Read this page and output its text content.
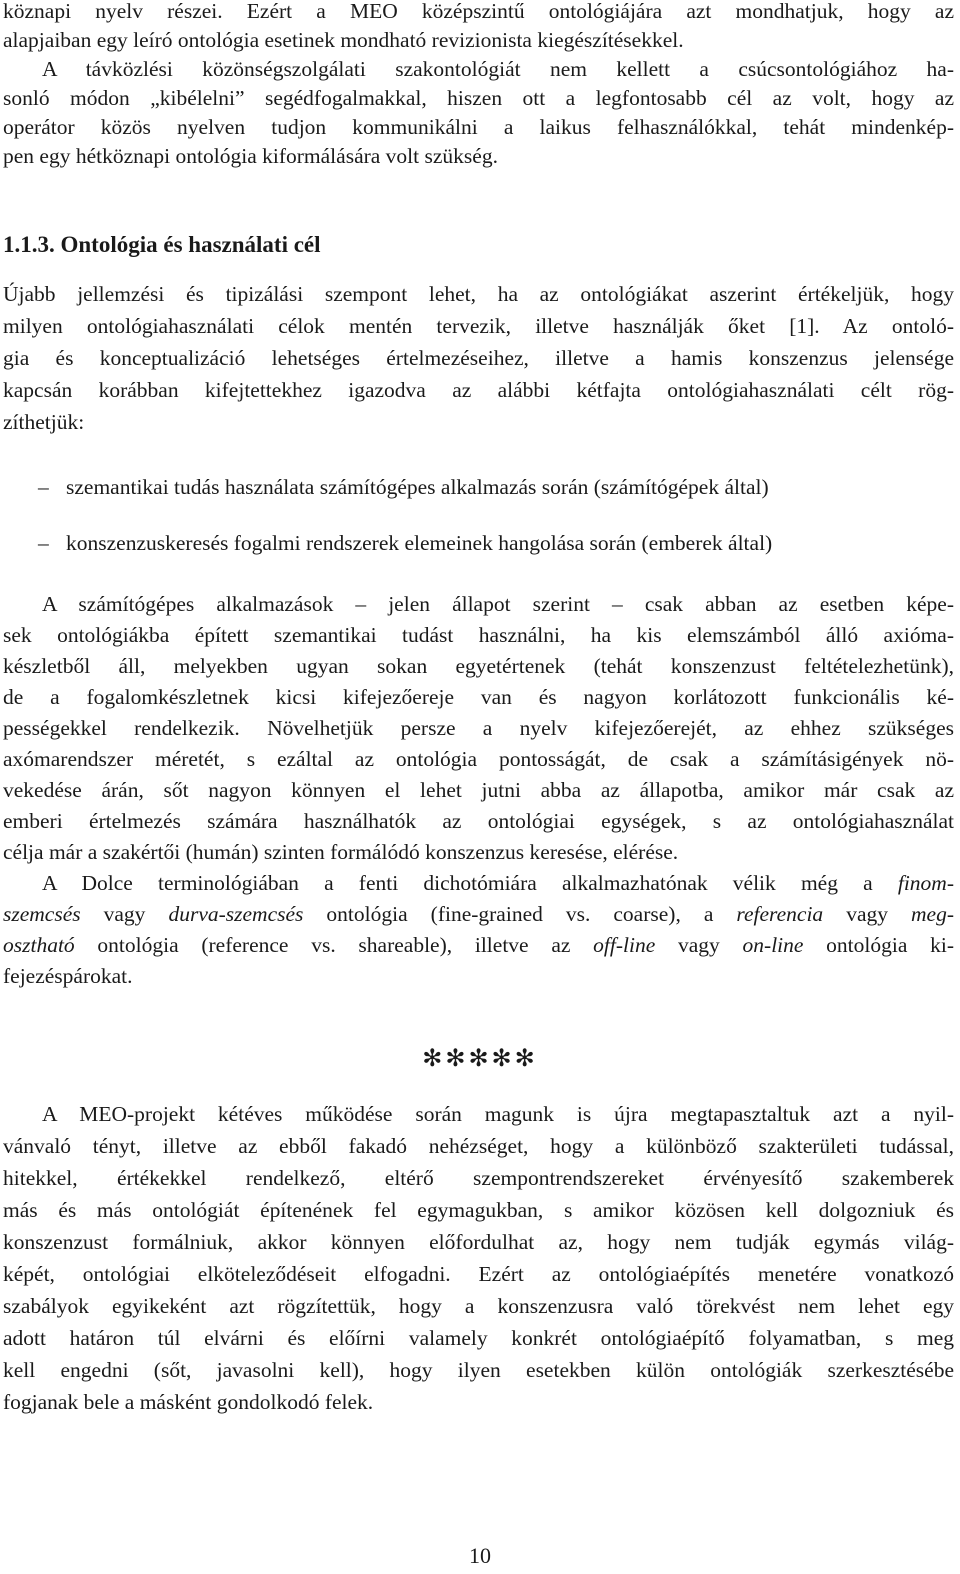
köznapi nyelv részei. Ezért a MEO középszintű ontológiájára azt mondhatjuk, hogy az
alapjaiban egy leíró ontológia esetinek mondható revizionista kiegészítésekkel.
A távközlési közönségszolgálati szakontológiát nem kellett a csúcsontológiához ha-
sonló módon „kibélelni” segédfogalmakkal, hiszen ott a legfontosabb cél az volt, hogy az
operátor közös nyelven tudjon kommunikálni a laikus felhasználókkal, tehát mindenkép-
pen egy hétköznapi ontológia kiformálására volt szükség.
1.1.3. Ontológia és használati cél
Újabb jellemzési és tipizálási szempont lehet, ha az ontológiákat aszerint értékeljük, hogy
milyen ontológiahasználati célok mentén tervezik, illetve használják őket [1]. Az ontoló-
gia és konceptualizáció lehetséges értelmezéseihez, illetve a hamis konszenzus jelensége
kapcsán korábban kifejtettekhez igazodva az alábbi kétfajta ontológiahasználati célt rög-
zíthetjük:
– szemantikai tudás használata számítógépes alkalmazás során (számítógépek által)
– konszenzuskeresés fogalmi rendszerek elemeinek hangolása során (emberek által)
A számítógépes alkalmazások – jelen állapot szerint – csak abban az esetben képe-
sek ontológiákba épített szemantikai tudást használni, ha kis elemszámból álló axióma-
készletből áll, melyekben ugyan sokan egyetértenek (tehát konszenzust feltételezhetünk),
de a fogalomkészletnek kicsi kifejezőereje van és nagyon korlátozott funkcionális ké-
pességekkel rendelkezik. Növelhetjük persze a nyelv kifejezőerejét, az ehhez szükséges
axómarendszer méretét, s ezáltal az ontológia pontosságát, de csak a számításigények nö-
vekedése árán, sőt nagyon könnyen el lehet jutni abba az állapotba, amikor már csak az
emberi értelmezés számára használhatók az ontológiai egységek, s az ontológiahasználat
célja már a szakértői (humán) szinten formálódó konszenzus keresése, elérése.
A Dolce terminológiában a fenti dichotómiára alkalmazhatónak vélik még a finom-
szemcsés vagy durva-szemcsés ontológia (fine-grained vs. coarse), a referencia vagy meg-
osztható ontológia (reference vs. shareable), illetve az off-line vagy on-line ontológia ki-
fejezéspárokat.
✻✻✻✻✻
A MEO-projekt kétéves működése során magunk is újra megtapasztaltuk azt a nyil-
vánvaló tényt, illetve az ebből fakadó nehézséget, hogy a különböző szakterületi tudással,
hitekkel, értékekkel rendelkező, eltérő szempontrendszereket érvényesítő szakemberek
más és más ontológiát építenének fel egymagukban, s amikor közösen kell dolgozniuk és
konszenzust formálniuk, akkor könnyen előfordulhat az, hogy nem tudják egymás világ-
képét, ontológiai elköteleződéseit elfogadni. Ezért az ontológiaépítés menetére vonatkozó
szabályok egyikeként azt rögzítettük, hogy a konszenzusra való törekvést nem lehet egy
adott határon túl elvárni és előírni valamely konkrét ontológiaépítő folyamatban, s meg
kell engedni (sőt, javasolni kell), hogy ilyen esetekben külön ontológiák szerkesztésébe
fogjanak bele a másként gondolkodó felek.
10
